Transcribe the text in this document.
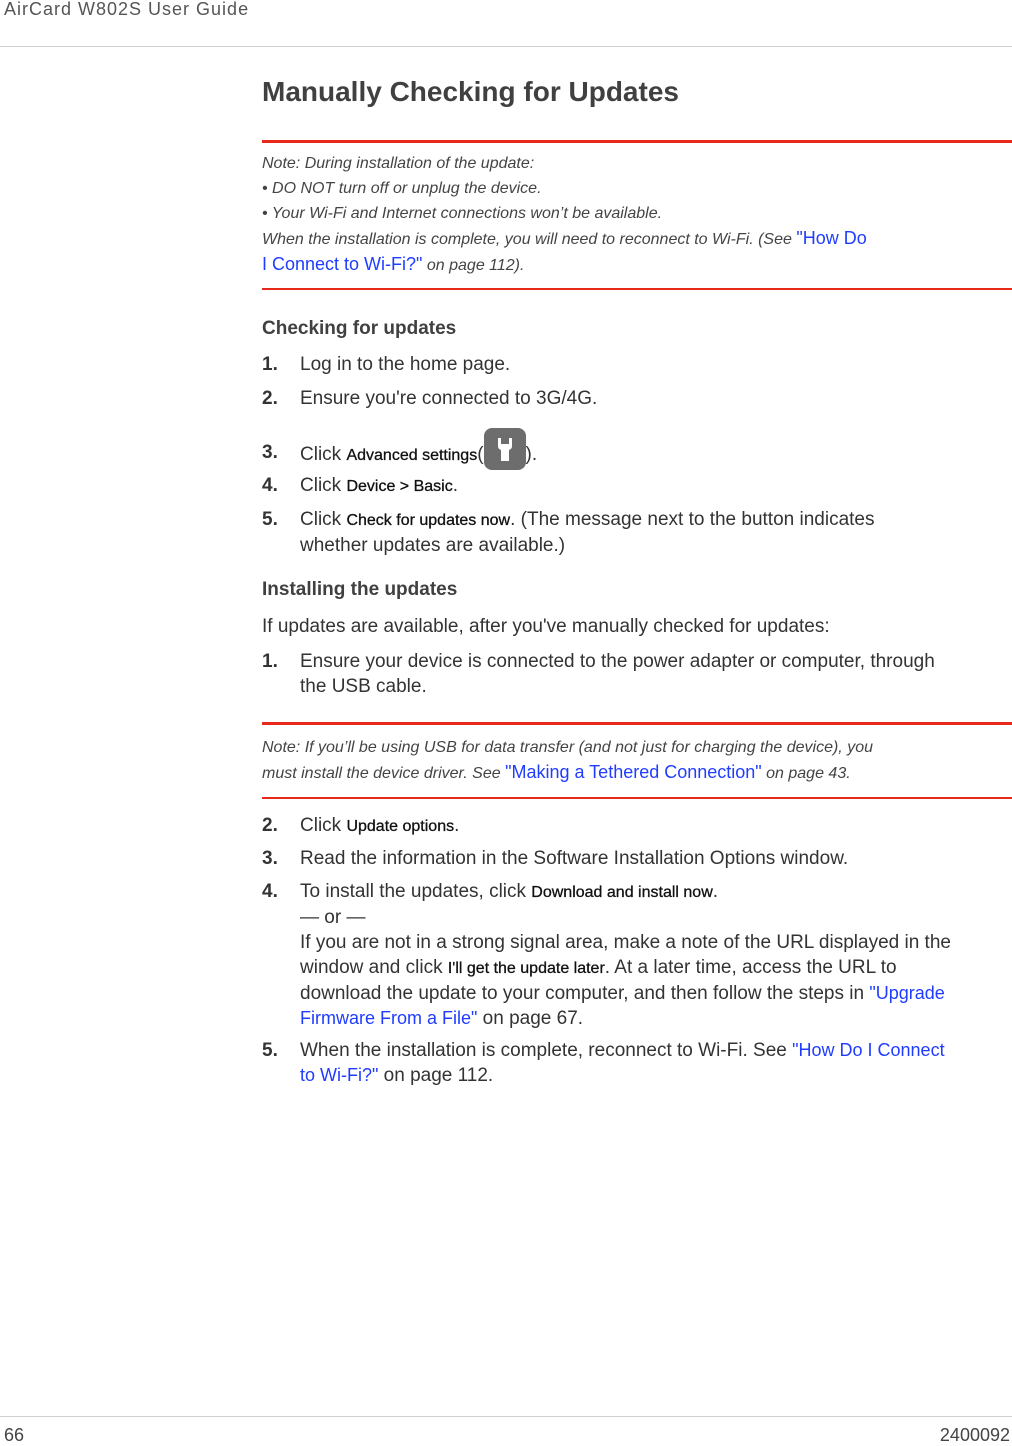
AirCard W802S User Guide
Manually Checking for Updates
Note: During installation of the update:
• DO NOT turn off or unplug the device.
• Your Wi-Fi and Internet connections won’t be available.
When the installation is complete, you will need to reconnect to Wi-Fi. (See "How Do
I Connect to Wi-Fi?" on page 112).
Checking for updates
1. Log in to the home page.
2. Ensure you're connected to 3G/4G.
3. Click Advanced settings( ).
4. Click Device > Basic.
5. Click Check for updates now. (The message next to the button indicates
whether updates are available.)
Installing the updates
If updates are available, after you've manually checked for updates:
1. Ensure your device is connected to the power adapter or computer, through
the USB cable.
Note: If you’ll be using USB for data transfer (and not just for charging the device), you
must install the device driver. See "Making a Tethered Connection" on page 43.
2. Click Update options.
3. Read the information in the Software Installation Options window.
4. To install the updates, click Download and install now.
— or —
If you are not in a strong signal area, make a note of the URL displayed in the
window and click I'll get the update later. At a later time, access the URL to
download the update to your computer, and then follow the steps in "Upgrade
Firmware From a File" on page 67.
5. When the installation is complete, reconnect to Wi-Fi. See "How Do I Connect
to Wi-Fi?" on page 112.
66	2400092
